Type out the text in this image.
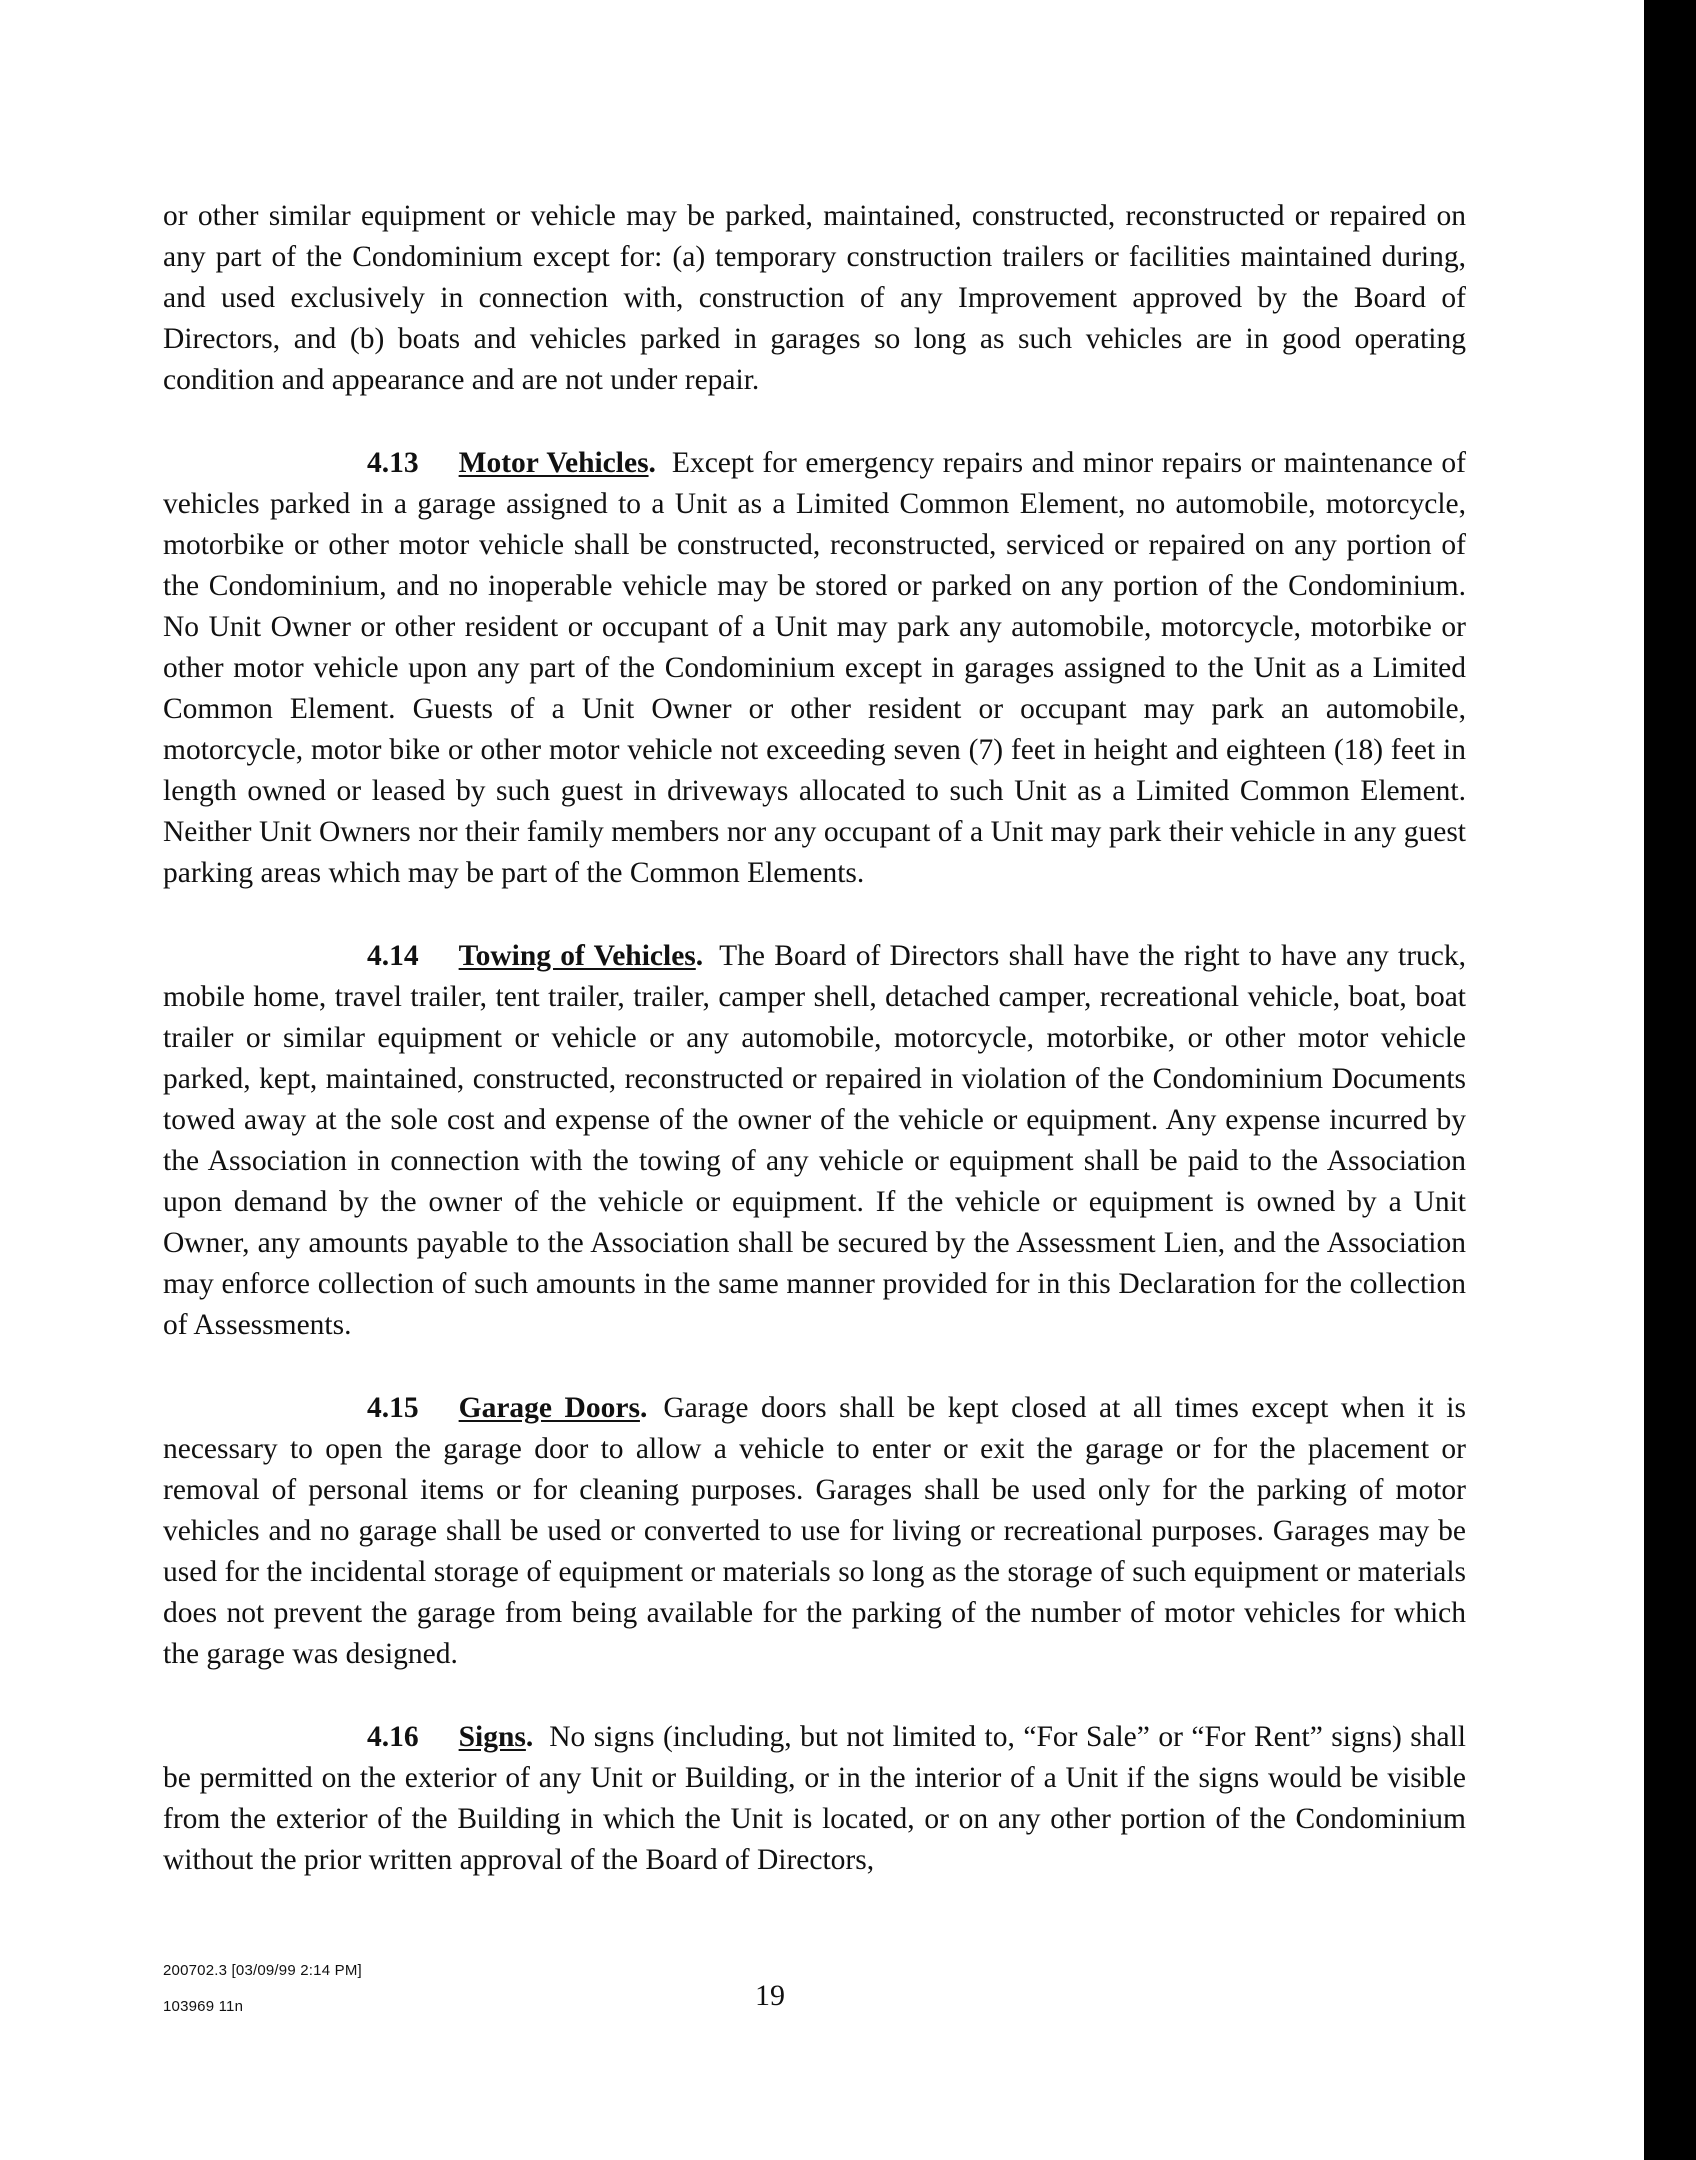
or other similar equipment or vehicle may be parked, maintained, constructed, reconstructed or repaired on any part of the Condominium except for: (a) temporary construction trailers or facilities maintained during, and used exclusively in connection with, construction of any Improvement approved by the Board of Directors, and (b) boats and vehicles parked in garages so long as such vehicles are in good operating condition and appearance and are not under repair.

4.13 Motor Vehicles. Except for emergency repairs and minor repairs or maintenance of vehicles parked in a garage assigned to a Unit as a Limited Common Element, no automobile, motorcycle, motorbike or other motor vehicle shall be constructed, reconstructed, serviced or repaired on any portion of the Condominium, and no inoperable vehicle may be stored or parked on any portion of the Condominium. No Unit Owner or other resident or occupant of a Unit may park any automobile, motorcycle, motorbike or other motor vehicle upon any part of the Condominium except in garages assigned to the Unit as a Limited Common Element. Guests of a Unit Owner or other resident or occupant may park an automobile, motorcycle, motor bike or other motor vehicle not exceeding seven (7) feet in height and eighteen (18) feet in length owned or leased by such guest in driveways allocated to such Unit as a Limited Common Element. Neither Unit Owners nor their family members nor any occupant of a Unit may park their vehicle in any guest parking areas which may be part of the Common Elements.

4.14 Towing of Vehicles. The Board of Directors shall have the right to have any truck, mobile home, travel trailer, tent trailer, trailer, camper shell, detached camper, recreational vehicle, boat, boat trailer or similar equipment or vehicle or any automobile, motorcycle, motorbike, or other motor vehicle parked, kept, maintained, constructed, reconstructed or repaired in violation of the Condominium Documents towed away at the sole cost and expense of the owner of the vehicle or equipment. Any expense incurred by the Association in connection with the towing of any vehicle or equipment shall be paid to the Association upon demand by the owner of the vehicle or equipment. If the vehicle or equipment is owned by a Unit Owner, any amounts payable to the Association shall be secured by the Assessment Lien, and the Association may enforce collection of such amounts in the same manner provided for in this Declaration for the collection of Assessments.

4.15 Garage Doors. Garage doors shall be kept closed at all times except when it is necessary to open the garage door to allow a vehicle to enter or exit the garage or for the placement or removal of personal items or for cleaning purposes. Garages shall be used only for the parking of motor vehicles and no garage shall be used or converted to use for living or recreational purposes. Garages may be used for the incidental storage of equipment or materials so long as the storage of such equipment or materials does not prevent the garage from being available for the parking of the number of motor vehicles for which the garage was designed.

4.16 Signs. No signs (including, but not limited to, “For Sale” or “For Rent” signs) shall be permitted on the exterior of any Unit or Building, or in the interior of a Unit if the signs would be visible from the exterior of the Building in which the Unit is located, or on any other portion of the Condominium without the prior written approval of the Board of Directors,

200702.3 [03/09/99 2:14 PM]
103969 11n	19
